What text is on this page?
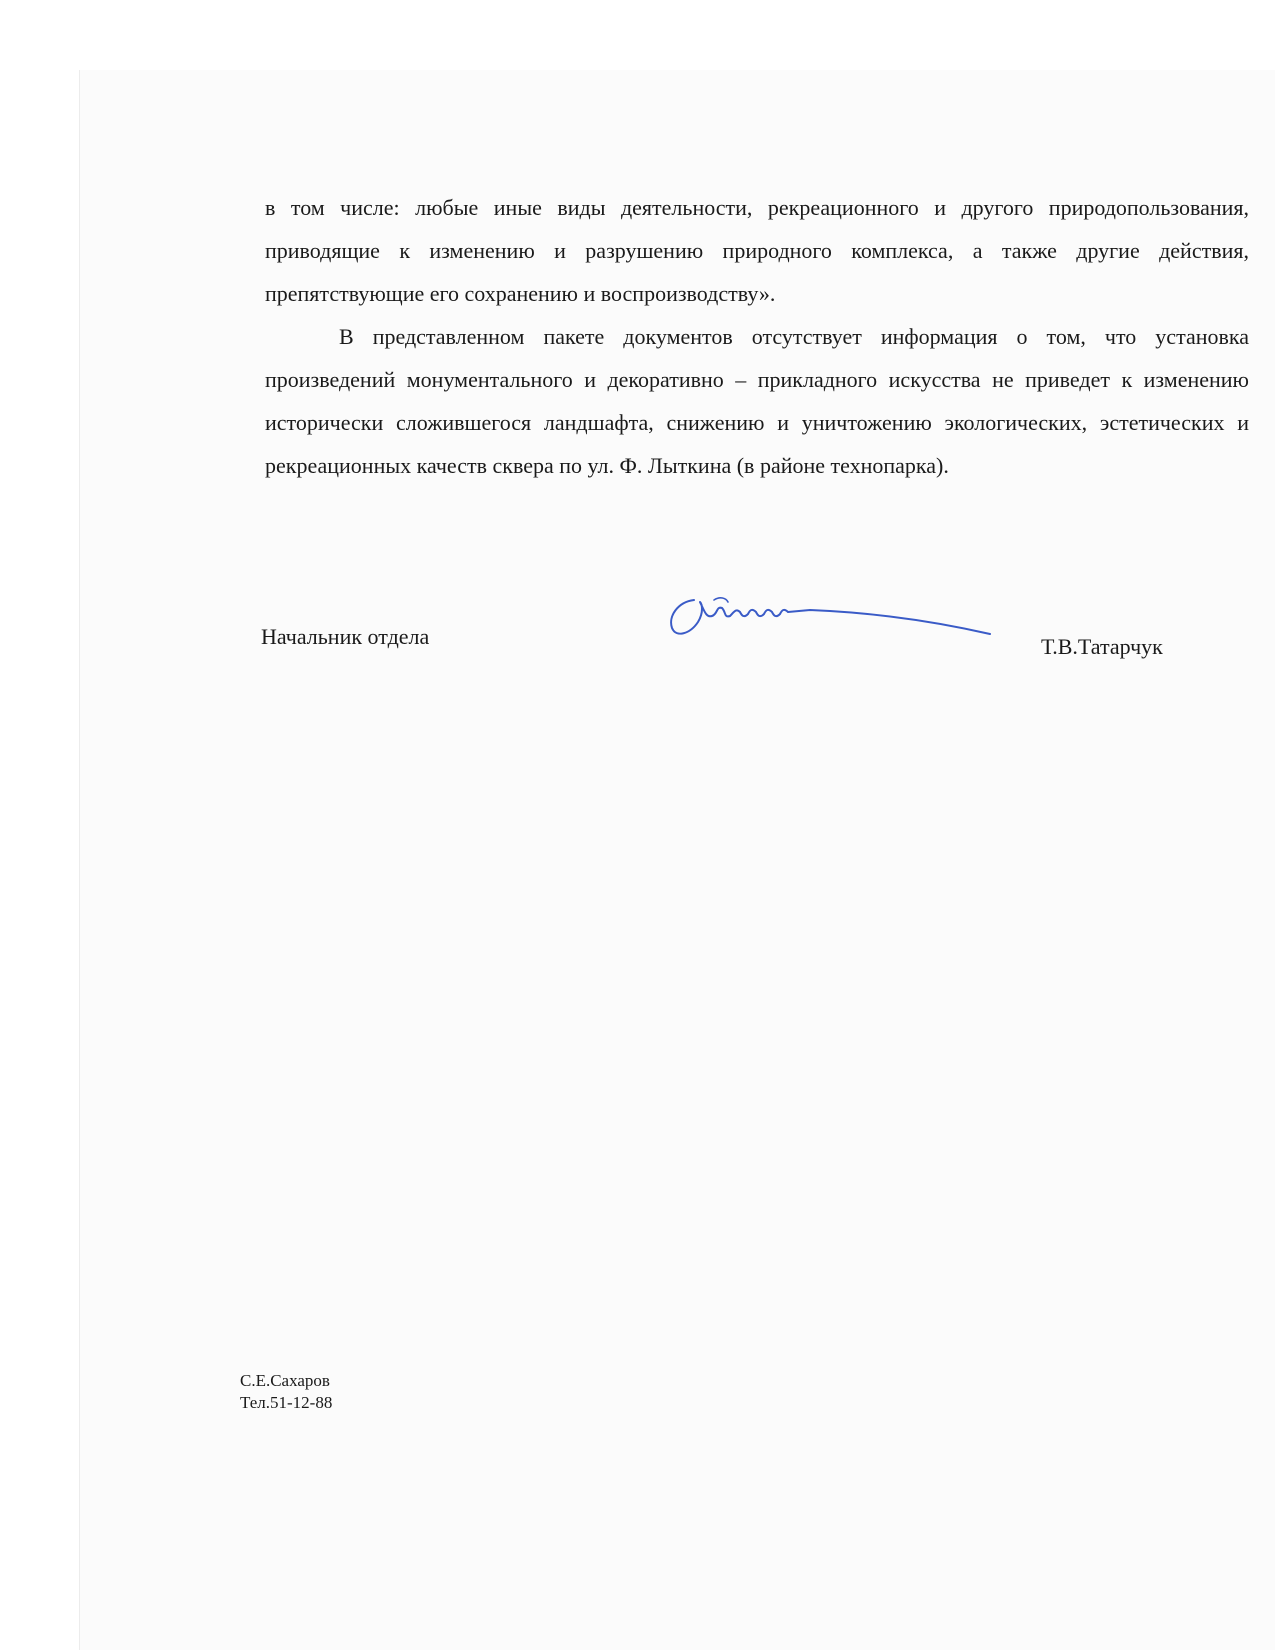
в том числе: любые иные виды деятельности, рекреационного и другого природопользования, приводящие к изменению и разрушению природного комплекса, а также другие действия, препятствующие его сохранению и воспроизводству».

В представленном пакете документов отсутствует информация о том, что установка произведений монументального и декоративно – прикладного искусства не приведет к изменению исторически сложившегося ландшафта, снижению и уничтожению экологических, эстетических и рекреационных качеств сквера по ул. Ф. Лыткина (в районе технопарка).

Начальник отдела	Т.В.Татарчук
С.Е.Сахаров
Тел.51-12-88
